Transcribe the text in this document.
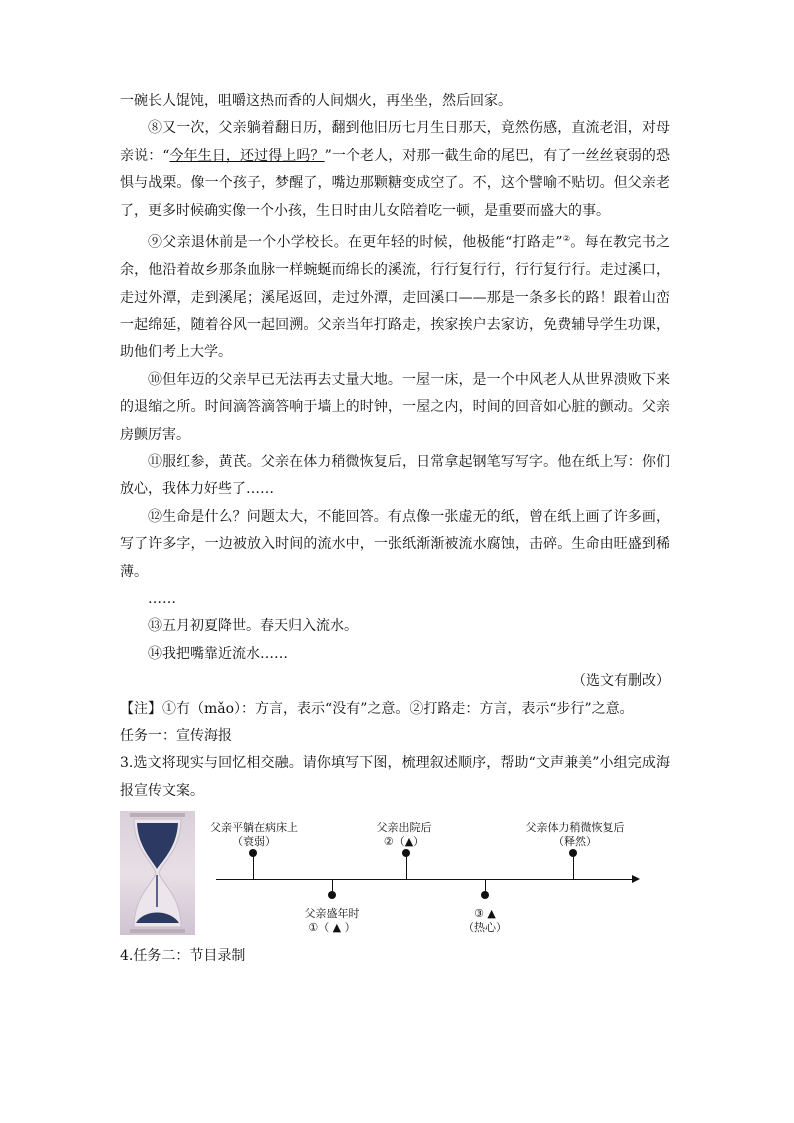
一碗长人馄饨，咀嚼这热而香的人间烟火，再坐坐，然后回家。

⑧又一次，父亲躺着翻日历，翻到他旧历七月生日那天，竟然伤感，直流老泪，对母亲说：“今年生日，还过得上吗？”一个老人，对那一截生命的尾巴，有了一丝丝衰弱的恐惧与战栗。像一个孩子，梦醒了，嘴边那颗糖变成空了。不，这个譬喻不贴切。但父亲老了，更多时候确实像一个小孩，生日时由儿女陪着吃一顿，是重要而盛大的事。

⑨父亲退休前是一个小学校长。在更年轻的时候，他极能“打路走”②。每在教完书之余，他沿着故乡那条血脉一样蜿蜒而绵长的溪流，行行复行行，行行复行行。走过溪口，走过外潭，走到溪尾；溪尾返回，走过外潭，走回溪口——那是一条多长的路！跟着山峦一起绵延，随着谷风一起回溯。父亲当年打路走，挨家挨户去家访，免费辅导学生功课，助他们考上大学。

⑩但年迈的父亲早已无法再去丈量大地。一屋一床，是一个中风老人从世界溃败下来的退缩之所。时间滴答滴答响于墙上的时钟，一屋之内，时间的回音如心脏的颤动。父亲房颤厉害。

⑪服红参，黄芪。父亲在体力稍微恢复后，日常拿起钢笔写写字。他在纸上写：你们放心，我体力好些了……

⑫生命是什么？问题太大，不能回答。有点像一张虚无的纸，曾在纸上画了许多画，写了许多字，一边被放入时间的流水中，一张纸渐渐被流水腐蚀，击碎。生命由旺盛到稀薄。

……

⑬五月初夏降世。春天归入流水。

⑭我把嘴靠近流水……

（选文有删改）

【注】①冇（mǎo）：方言，表示“没有”之意。②打路走：方言，表示“步行”之意。

任务一：宣传海报

3.选文将现实与回忆相交融。请你填写下图，梳理叙述顺序，帮助“文声兼美”小组完成海报宣传文案。

父亲平躺在病床上
（衰弱）
父亲出院后
②（▲）
父亲体力稍微恢复后
（释然）
父亲盛年时
①（ ▲ ）
③ ▲
（热心）

4.任务二：节目录制
